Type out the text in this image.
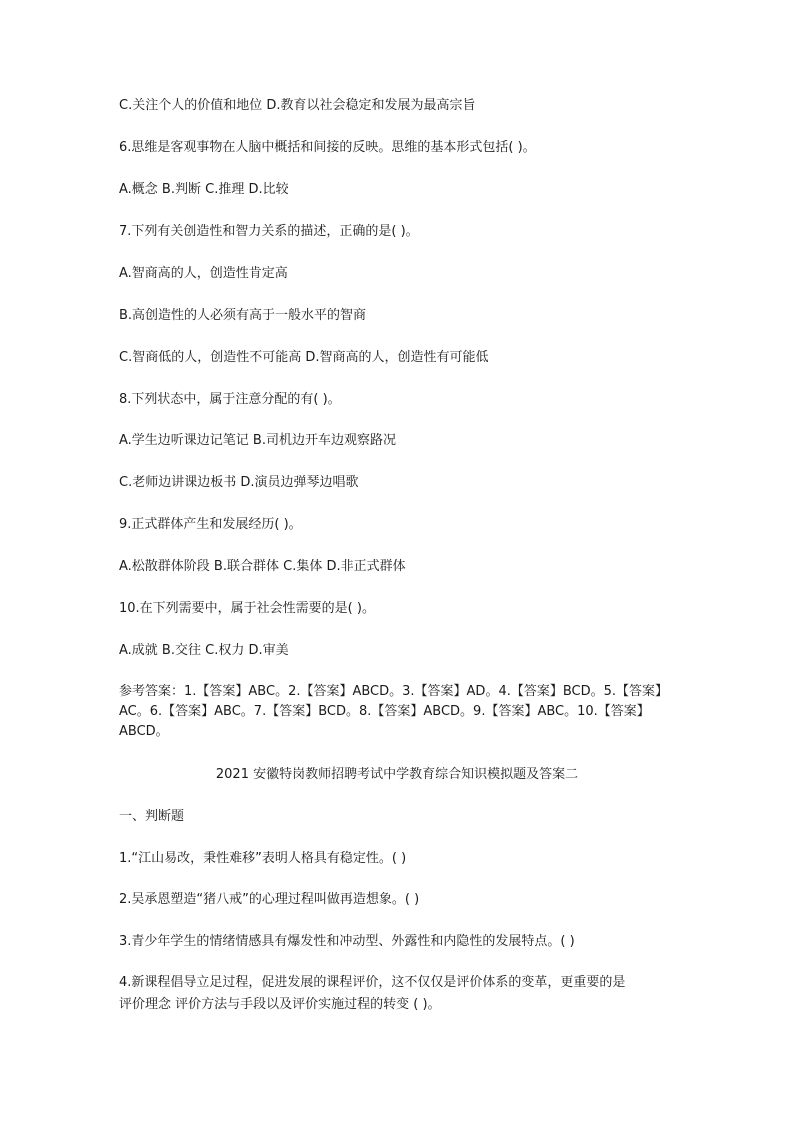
C.关注个人的价值和地位 D.教育以社会稳定和发展为最高宗旨
6.思维是客观事物在人脑中概括和间接的反映。思维的基本形式包括( )。
A.概念 B.判断 C.推理 D.比较
7.下列有关创造性和智力关系的描述，正确的是( )。
A.智商高的人，创造性肯定高
B.高创造性的人必须有高于一般水平的智商
C.智商低的人，创造性不可能高 D.智商高的人，创造性有可能低
8.下列状态中，属于注意分配的有( )。
A.学生边听课边记笔记 B.司机边开车边观察路况
C.老师边讲课边板书 D.演员边弹琴边唱歌
9.正式群体产生和发展经历( )。
A.松散群体阶段 B.联合群体 C.集体 D.非正式群体
10.在下列需要中，属于社会性需要的是( )。
A.成就 B.交往 C.权力 D.审美
参考答案：1.【答案】ABC。2.【答案】ABCD。3.【答案】AD。4.【答案】BCD。5.【答案】
AC。6.【答案】ABC。7.【答案】BCD。8.【答案】ABCD。9.【答案】ABC。10.【答案】
ABCD。
2021 安徽特岗教师招聘考试中学教育综合知识模拟题及答案二
一、判断题
1.“江山易改，秉性难移”表明人格具有稳定性。( )
2.吴承恩塑造“猪八戒”的心理过程叫做再造想象。( )
3.青少年学生的情绪情感具有爆发性和冲动型、外露性和内隐性的发展特点。( )
4.新课程倡导立足过程，促进发展的课程评价，这不仅仅是评价体系的变革，更重要的是
评价理念 评价方法与手段以及评价实施过程的转变 ( )。
